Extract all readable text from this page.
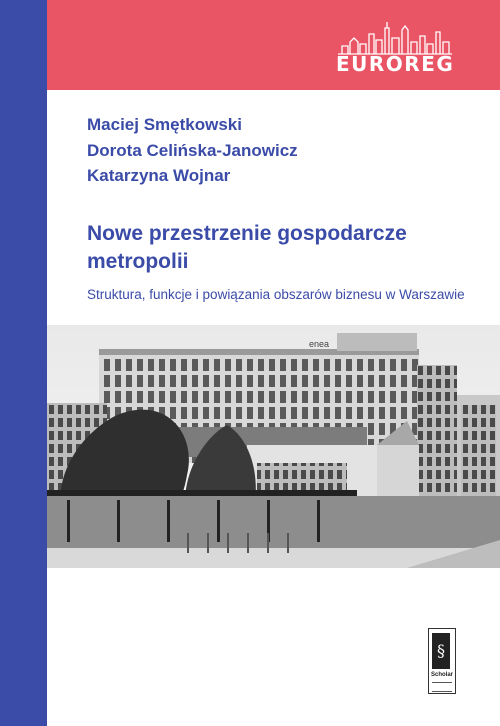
EUROREG
Maciej Smętkowski
Dorota Celińska-Janowicz
Katarzyna Wojnar
Nowe przestrzenie gospodarcze metropolii

Struktura, funkcje i powiązania obszarów biznesu w Warszawie

enea
§
Scholar
